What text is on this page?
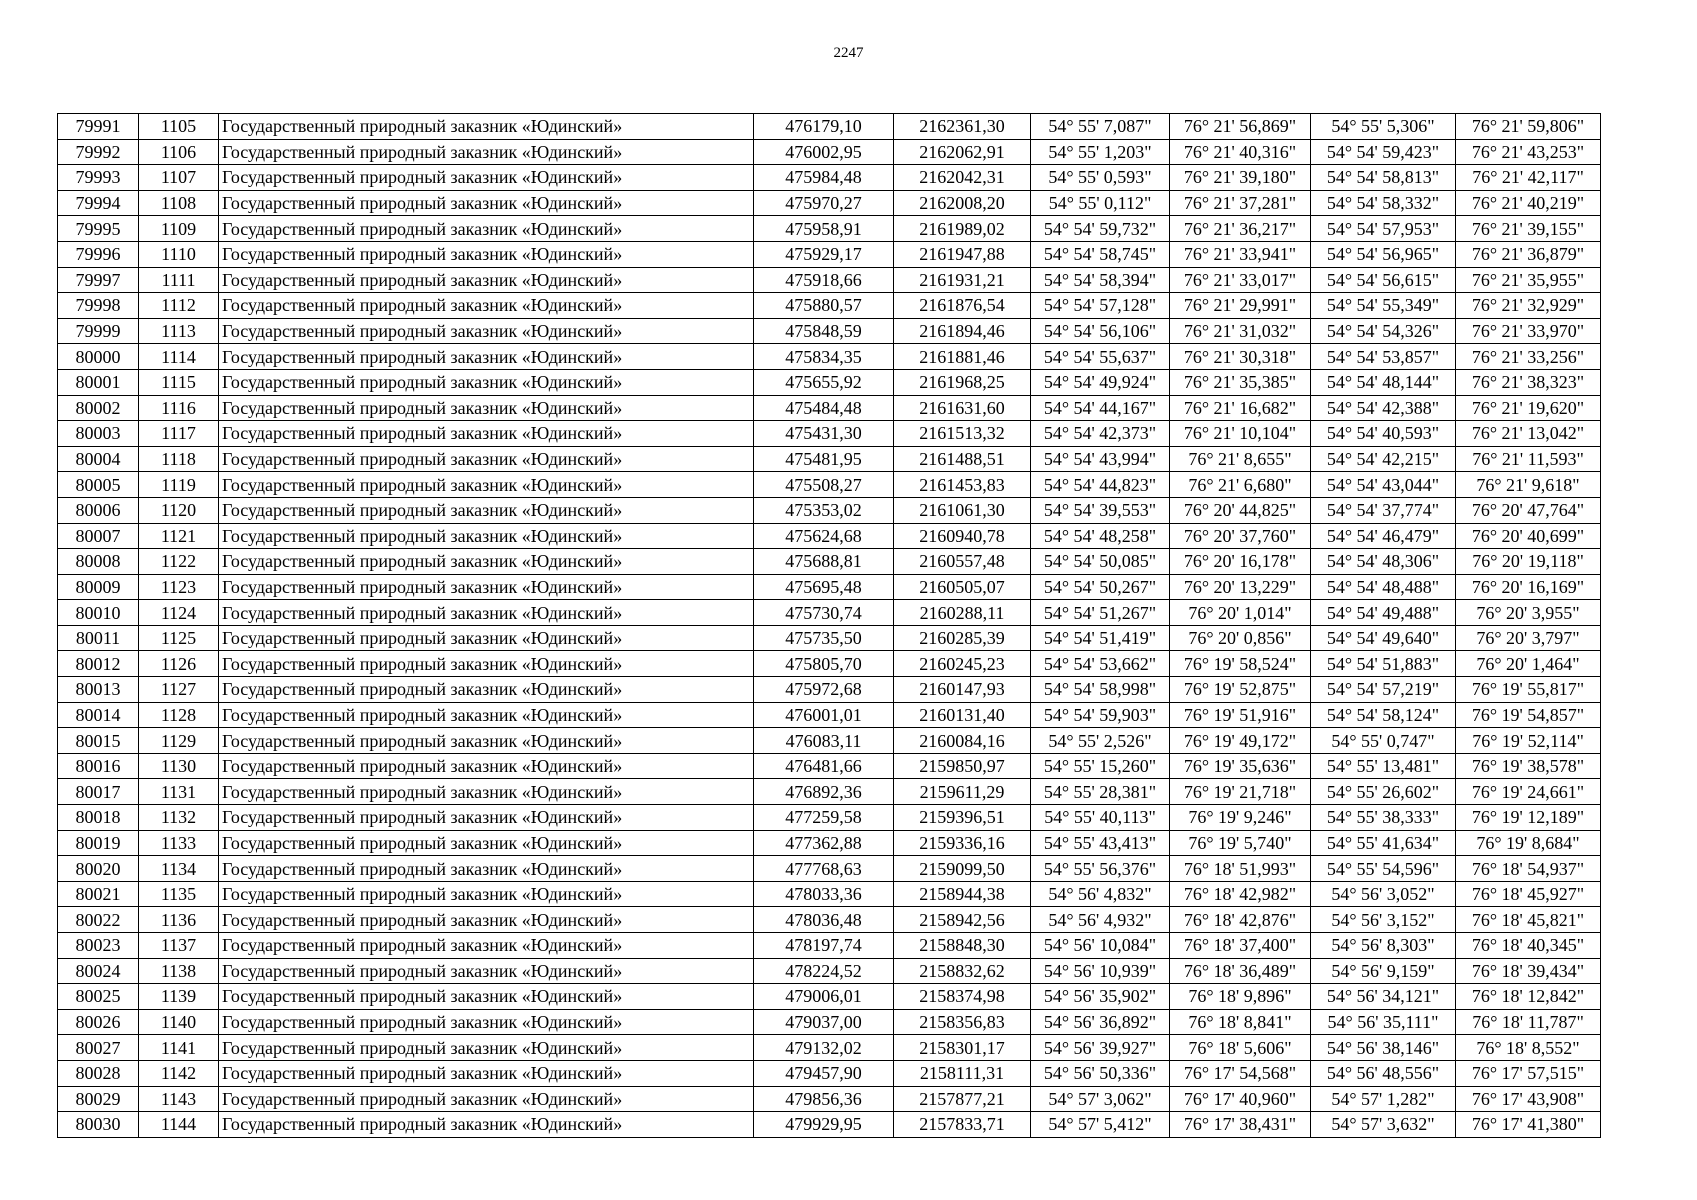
2247
79991	1105	Государственный природный заказник «Юдинский»	476179,10	2162361,30	54° 55' 7,087"	76° 21' 56,869"	54° 55' 5,306"	76° 21' 59,806"
79992	1106	Государственный природный заказник «Юдинский»	476002,95	2162062,91	54° 55' 1,203"	76° 21' 40,316"	54° 54' 59,423"	76° 21' 43,253"
79993	1107	Государственный природный заказник «Юдинский»	475984,48	2162042,31	54° 55' 0,593"	76° 21' 39,180"	54° 54' 58,813"	76° 21' 42,117"
79994	1108	Государственный природный заказник «Юдинский»	475970,27	2162008,20	54° 55' 0,112"	76° 21' 37,281"	54° 54' 58,332"	76° 21' 40,219"
79995	1109	Государственный природный заказник «Юдинский»	475958,91	2161989,02	54° 54' 59,732"	76° 21' 36,217"	54° 54' 57,953"	76° 21' 39,155"
79996	1110	Государственный природный заказник «Юдинский»	475929,17	2161947,88	54° 54' 58,745"	76° 21' 33,941"	54° 54' 56,965"	76° 21' 36,879"
79997	1111	Государственный природный заказник «Юдинский»	475918,66	2161931,21	54° 54' 58,394"	76° 21' 33,017"	54° 54' 56,615"	76° 21' 35,955"
79998	1112	Государственный природный заказник «Юдинский»	475880,57	2161876,54	54° 54' 57,128"	76° 21' 29,991"	54° 54' 55,349"	76° 21' 32,929"
79999	1113	Государственный природный заказник «Юдинский»	475848,59	2161894,46	54° 54' 56,106"	76° 21' 31,032"	54° 54' 54,326"	76° 21' 33,970"
80000	1114	Государственный природный заказник «Юдинский»	475834,35	2161881,46	54° 54' 55,637"	76° 21' 30,318"	54° 54' 53,857"	76° 21' 33,256"
80001	1115	Государственный природный заказник «Юдинский»	475655,92	2161968,25	54° 54' 49,924"	76° 21' 35,385"	54° 54' 48,144"	76° 21' 38,323"
80002	1116	Государственный природный заказник «Юдинский»	475484,48	2161631,60	54° 54' 44,167"	76° 21' 16,682"	54° 54' 42,388"	76° 21' 19,620"
80003	1117	Государственный природный заказник «Юдинский»	475431,30	2161513,32	54° 54' 42,373"	76° 21' 10,104"	54° 54' 40,593"	76° 21' 13,042"
80004	1118	Государственный природный заказник «Юдинский»	475481,95	2161488,51	54° 54' 43,994"	76° 21' 8,655"	54° 54' 42,215"	76° 21' 11,593"
80005	1119	Государственный природный заказник «Юдинский»	475508,27	2161453,83	54° 54' 44,823"	76° 21' 6,680"	54° 54' 43,044"	76° 21' 9,618"
80006	1120	Государственный природный заказник «Юдинский»	475353,02	2161061,30	54° 54' 39,553"	76° 20' 44,825"	54° 54' 37,774"	76° 20' 47,764"
80007	1121	Государственный природный заказник «Юдинский»	475624,68	2160940,78	54° 54' 48,258"	76° 20' 37,760"	54° 54' 46,479"	76° 20' 40,699"
80008	1122	Государственный природный заказник «Юдинский»	475688,81	2160557,48	54° 54' 50,085"	76° 20' 16,178"	54° 54' 48,306"	76° 20' 19,118"
80009	1123	Государственный природный заказник «Юдинский»	475695,48	2160505,07	54° 54' 50,267"	76° 20' 13,229"	54° 54' 48,488"	76° 20' 16,169"
80010	1124	Государственный природный заказник «Юдинский»	475730,74	2160288,11	54° 54' 51,267"	76° 20' 1,014"	54° 54' 49,488"	76° 20' 3,955"
80011	1125	Государственный природный заказник «Юдинский»	475735,50	2160285,39	54° 54' 51,419"	76° 20' 0,856"	54° 54' 49,640"	76° 20' 3,797"
80012	1126	Государственный природный заказник «Юдинский»	475805,70	2160245,23	54° 54' 53,662"	76° 19' 58,524"	54° 54' 51,883"	76° 20' 1,464"
80013	1127	Государственный природный заказник «Юдинский»	475972,68	2160147,93	54° 54' 58,998"	76° 19' 52,875"	54° 54' 57,219"	76° 19' 55,817"
80014	1128	Государственный природный заказник «Юдинский»	476001,01	2160131,40	54° 54' 59,903"	76° 19' 51,916"	54° 54' 58,124"	76° 19' 54,857"
80015	1129	Государственный природный заказник «Юдинский»	476083,11	2160084,16	54° 55' 2,526"	76° 19' 49,172"	54° 55' 0,747"	76° 19' 52,114"
80016	1130	Государственный природный заказник «Юдинский»	476481,66	2159850,97	54° 55' 15,260"	76° 19' 35,636"	54° 55' 13,481"	76° 19' 38,578"
80017	1131	Государственный природный заказник «Юдинский»	476892,36	2159611,29	54° 55' 28,381"	76° 19' 21,718"	54° 55' 26,602"	76° 19' 24,661"
80018	1132	Государственный природный заказник «Юдинский»	477259,58	2159396,51	54° 55' 40,113"	76° 19' 9,246"	54° 55' 38,333"	76° 19' 12,189"
80019	1133	Государственный природный заказник «Юдинский»	477362,88	2159336,16	54° 55' 43,413"	76° 19' 5,740"	54° 55' 41,634"	76° 19' 8,684"
80020	1134	Государственный природный заказник «Юдинский»	477768,63	2159099,50	54° 55' 56,376"	76° 18' 51,993"	54° 55' 54,596"	76° 18' 54,937"
80021	1135	Государственный природный заказник «Юдинский»	478033,36	2158944,38	54° 56' 4,832"	76° 18' 42,982"	54° 56' 3,052"	76° 18' 45,927"
80022	1136	Государственный природный заказник «Юдинский»	478036,48	2158942,56	54° 56' 4,932"	76° 18' 42,876"	54° 56' 3,152"	76° 18' 45,821"
80023	1137	Государственный природный заказник «Юдинский»	478197,74	2158848,30	54° 56' 10,084"	76° 18' 37,400"	54° 56' 8,303"	76° 18' 40,345"
80024	1138	Государственный природный заказник «Юдинский»	478224,52	2158832,62	54° 56' 10,939"	76° 18' 36,489"	54° 56' 9,159"	76° 18' 39,434"
80025	1139	Государственный природный заказник «Юдинский»	479006,01	2158374,98	54° 56' 35,902"	76° 18' 9,896"	54° 56' 34,121"	76° 18' 12,842"
80026	1140	Государственный природный заказник «Юдинский»	479037,00	2158356,83	54° 56' 36,892"	76° 18' 8,841"	54° 56' 35,111"	76° 18' 11,787"
80027	1141	Государственный природный заказник «Юдинский»	479132,02	2158301,17	54° 56' 39,927"	76° 18' 5,606"	54° 56' 38,146"	76° 18' 8,552"
80028	1142	Государственный природный заказник «Юдинский»	479457,90	2158111,31	54° 56' 50,336"	76° 17' 54,568"	54° 56' 48,556"	76° 17' 57,515"
80029	1143	Государственный природный заказник «Юдинский»	479856,36	2157877,21	54° 57' 3,062"	76° 17' 40,960"	54° 57' 1,282"	76° 17' 43,908"
80030	1144	Государственный природный заказник «Юдинский»	479929,95	2157833,71	54° 57' 5,412"	76° 17' 38,431"	54° 57' 3,632"	76° 17' 41,380"
